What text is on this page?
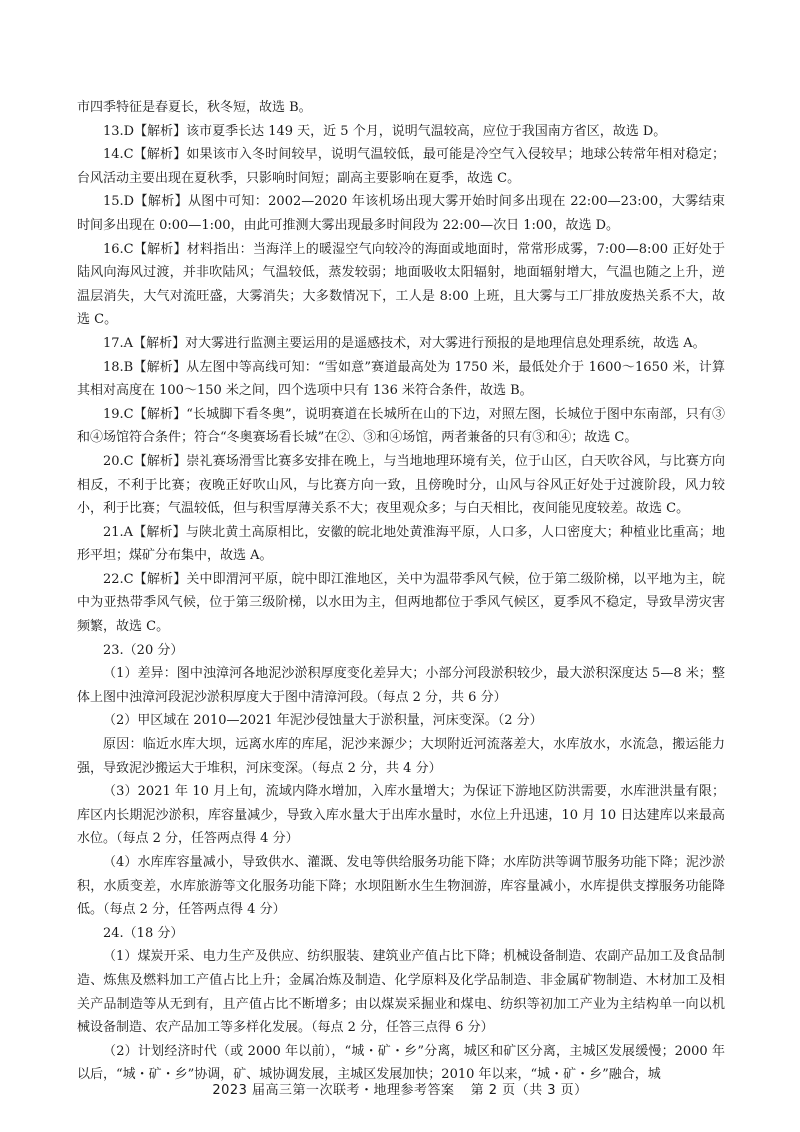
市四季特征是春夏长，秋冬短，故选 B。

13.D【解析】该市夏季长达 149 天，近 5 个月，说明气温较高，应位于我国南方省区，故选 D。

14.C【解析】如果该市入冬时间较早，说明气温较低，最可能是冷空气入侵较早；地球公转常年相对稳定；台风活动主要出现在夏秋季，只影响时间短；副高主要影响在夏季，故选 C。

15.D【解析】从图中可知：2002—2020 年该机场出现大雾开始时间多出现在 22:00—23:00，大雾结束时间多出现在 0:00—1:00，由此可推测大雾出现最多时间段为 22:00—次日 1:00，故选 D。

16.C【解析】材料指出：当海洋上的暖湿空气向较冷的海面或地面时，常常形成雾，7:00—8:00 正好处于陆风向海风过渡，并非吹陆风；气温较低，蒸发较弱；地面吸收太阳辐射，地面辐射增大，气温也随之上升，逆温层消失，大气对流旺盛，大雾消失；大多数情况下，工人是 8:00 上班，且大雾与工厂排放废热关系不大，故选 C。

17.A【解析】对大雾进行监测主要运用的是遥感技术，对大雾进行预报的是地理信息处理系统，故选 A。

18.B【解析】从左图中等高线可知：“雪如意”赛道最高处为 1750 米，最低处介于 1600～1650 米，计算其相对高度在 100～150 米之间，四个选项中只有 136 米符合条件，故选 B。

19.C【解析】“长城脚下看冬奥”，说明赛道在长城所在山的下边，对照左图，长城位于图中东南部，只有③和④场馆符合条件；符合“冬奥赛场看长城”在②、③和④场馆，两者兼备的只有③和④；故选 C。

20.C【解析】崇礼赛场滑雪比赛多安排在晚上，与当地地理环境有关，位于山区，白天吹谷风，与比赛方向相反，不利于比赛；夜晚正好吹山风，与比赛方向一致，且傍晚时分，山风与谷风正好处于过渡阶段，风力较小，利于比赛；气温较低，但与积雪厚薄关系不大；夜里观众多；与白天相比，夜间能见度较差。故选 C。

21.A【解析】与陕北黄土高原相比，安徽的皖北地处黄淮海平原，人口多，人口密度大；种植业比重高；地形平坦；煤矿分布集中，故选 A。

22.C【解析】关中即渭河平原，皖中即江淮地区，关中为温带季风气候，位于第二级阶梯，以平地为主，皖中为亚热带季风气候，位于第三级阶梯，以水田为主，但两地都位于季风气候区，夏季风不稳定，导致旱涝灾害频繁，故选 C。

23.（20 分）

（1）差异：图中浊漳河各地泥沙淤积厚度变化差异大；小部分河段淤积较少，最大淤积深度达 5—8 米；整体上图中浊漳河段泥沙淤积厚度大于图中清漳河段。（每点 2 分，共 6 分）

（2）甲区域在 2010—2021 年泥沙侵蚀量大于淤积量，河床变深。（2 分）

原因：临近水库大坝，远离水库的库尾，泥沙来源少；大坝附近河流落差大，水库放水，水流急，搬运能力强，导致泥沙搬运大于堆积，河床变深。（每点 2 分，共 4 分）

（3）2021 年 10 月上旬，流域内降水增加，入库水量增大；为保证下游地区防洪需要，水库泄洪量有限；库区内长期泥沙淤积，库容量减少，导致入库水量大于出库水量时，水位上升迅速，10 月 10 日达建库以来最高水位。（每点 2 分，任答两点得 4 分）

（4）水库库容量减小，导致供水、灌溉、发电等供给服务功能下降；水库防洪等调节服务功能下降；泥沙淤积，水质变差，水库旅游等文化服务功能下降；水坝阻断水生生物洄游，库容量减小，水库提供支撑服务功能降低。（每点 2 分，任答两点得 4 分）

24.（18 分）

（1）煤炭开采、电力生产及供应、纺织服装、建筑业产值占比下降；机械设备制造、农副产品加工及食品制造、炼焦及燃料加工产值占比上升；金属冶炼及制造、化学原料及化学品制造、非金属矿物制造、木材加工及相关产品制造等从无到有，且产值占比不断增多；由以煤炭采掘业和煤电、纺织等初加工产业为主结构单一向以机械设备制造、农产品加工等多样化发展。（每点 2 分，任答三点得 6 分）

（2）计划经济时代（或 2000 年以前），“城・矿・乡”分离，城区和矿区分离，主城区发展缓慢；2000 年以后，“城・矿・乡”协调，矿、城协调发展，主城区发展加快；2010 年以来，“城・矿・乡”融合，城

2023 届高三第一次联考・地理参考答案 第 2 页（共 3 页）
